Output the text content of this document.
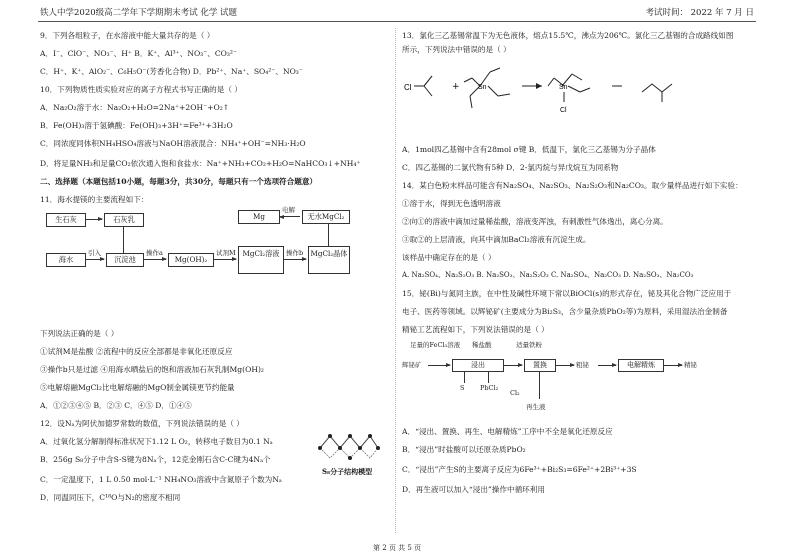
铁人中学2020级高二学年下学期期末考试 化学 试题	考试时间： 2022 年 7 月 日
9．下列各组粒子，在水溶液中能大量共存的是（ ）
A．I⁻、ClO⁻、NO₃⁻、H⁺ B．K⁺、Al³⁺、NO₃⁻、CO₃²⁻
C．H⁺、K⁺、AlO₂⁻、C₆H₅O⁻(芳香化合物) D．Pb²⁺、Na⁺、SO₄²⁻、NO₃⁻
10．下列物质性质实验对应的离子方程式书写正确的是（ ）
A．Na₂O₂溶于水：Na₂O₂+H₂O=2Na⁺+2OH⁻+O₂↑
B．Fe(OH)₃溶于氢碘酸：Fe(OH)₃+3H⁺=Fe³⁺+3H₂O
C．同浓度同体积NH₄HSO₄溶液与NaOH溶液混合：NH₄⁺+OH⁻=NH₃·H₂O
D．将足量NH₃和足量CO₂依次通入饱和食盐水：Na⁺+NH₃+CO₂+H₂O=NaHCO₃↓+NH₄⁺
二、选择题（本题包括10小题，每题3分，共30分，每题只有一个选项符合题意）
11．海水提镁的主要流程如下：
生石灰	石灰乳
海水
引入
沉淀池
操作a
Mg(OH)₂
试剂M MgCl₂溶液	操作b	MgCl₂晶体
Mg
电解
无水MgCl₂
下列说法正确的是（ ）
①试剂M是盐酸 ②流程中的反应全部都是非氧化还原反应
③操作b只是过滤 ④用海水晒盐后的饱和溶液加石灰乳制Mg(OH)₂
⑤电解熔融MgCl₂比电解熔融的MgO制金属镁更节约能量
A．①②③④⑤ B．②③ C．④⑤ D．①④⑤
12．设Nₐ为阿伏加德罗常数的数值，下列说法错误的是（ ）
A．过氧化氢分解制得标准状况下1.12 L O₂，转移电子数目为0.1 Nₐ
B．256g S₈分子中含S-S键为8Nₐ个，12克金刚石含C-C键为4Nₐ个
C．一定温度下，1 L 0.50 mol·L⁻¹ NH₄NO₃溶液中含氮原子个数为Nₐ
D．同温同压下，C¹⁸O与N₂的密度不相同
S₈分子结构模型
13．氯化三乙基锡常温下为无色液体，熔点15.5℃，沸点为206℃。氯化三乙基锡的合成路线如图
所示，下列说法中错误的是（ ）
Cl	+	Sn	Sn
Cl
A．1mol四乙基锡中含有28mol σ键 B．低温下，氯化三乙基锡为分子晶体
C．四乙基锡的二氯代物有5种 D．2-氯丙烷与异戊烷互为同系物
14．某白色粉末样品可能含有Na₂SO₄、Na₂SO₃、Na₂S₂O₃和Na₂CO₃。取少量样品进行如下实验：
①溶于水，得到无色透明溶液
②向①的溶液中滴加过量稀盐酸，溶液变浑浊，有刺激性气体逸出，离心分离。
③取②的上层清液，向其中滴加BaCl₂溶液有沉淀生成。
该样品中确定存在的是（ ）
A. Na₂SO₄、Na₂S₂O₃ B. Na₂SO₃、Na₂S₂O₃ C. Na₂SO₄、Na₂CO₃ D. Na₂SO₃、Na₂CO₃
15．铋(Bi)与氮同主族，在中性及碱性环境下常以BiOCl(s)的形式存在，铋及其化合物广泛应用于
电子、医药等领域。以辉铋矿(主要成分为Bi₂S₃，含少量杂质PbO₂等)为原料，采用湿法冶金制备
精铋工艺流程如下，下列说法错误的是（ ）
足量的FeCl₃溶液 稀盐酸	适量铁粉
辉铋矿	浸出	置换	粗铋	电解精炼	精铋
S PbCl₂
Cl₂
再生液
A．“浸出、置换、再生、电解精炼”工序中不全是氧化还原反应
B．“浸出”时盐酸可以还原杂质PbO₂
C．“浸出”产生S的主要离子反应为6Fe³⁺+Bi₂S₃=6Fe²⁺+2Bi³⁺+3S
D．再生液可以加入“浸出”操作中循环利用
第 2 页 共 5 页
